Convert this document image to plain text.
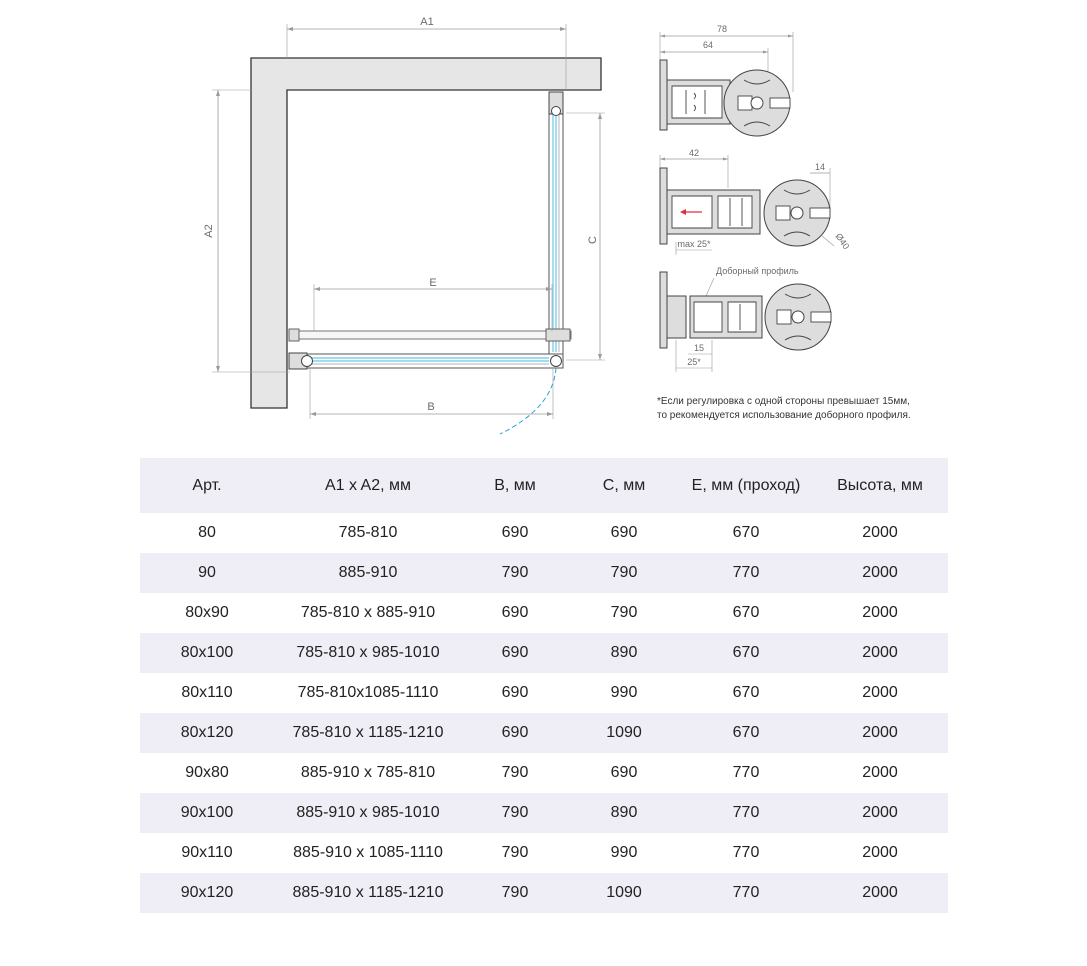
A1
A2
C
E
B
78
64
42
14
max 25*	Ø40
Доборный профиль
15
25*
*Если регулировка с одной стороны превышает 15мм,
то рекомендуется использование доборного профиля.
Арт.	A1 x A2, мм	B, мм	C, мм	E, мм (проход)	Высота, мм
80	785-810	690	690	670	2000
90	885-910	790	790	770	2000
80x90	785-810 x 885-910	690	790	670	2000
80x100	785-810 x 985-1010	690	890	670	2000
80x110	785-810x1085-1110	690	990	670	2000
80x120	785-810 x 1185-1210	690	1090	670	2000
90x80	885-910 x 785-810	790	690	770	2000
90x100	885-910 x 985-1010	790	890	770	2000
90x110	885-910 x 1085-1110	790	990	770	2000
90x120	885-910 x 1185-1210	790	1090	770	2000
